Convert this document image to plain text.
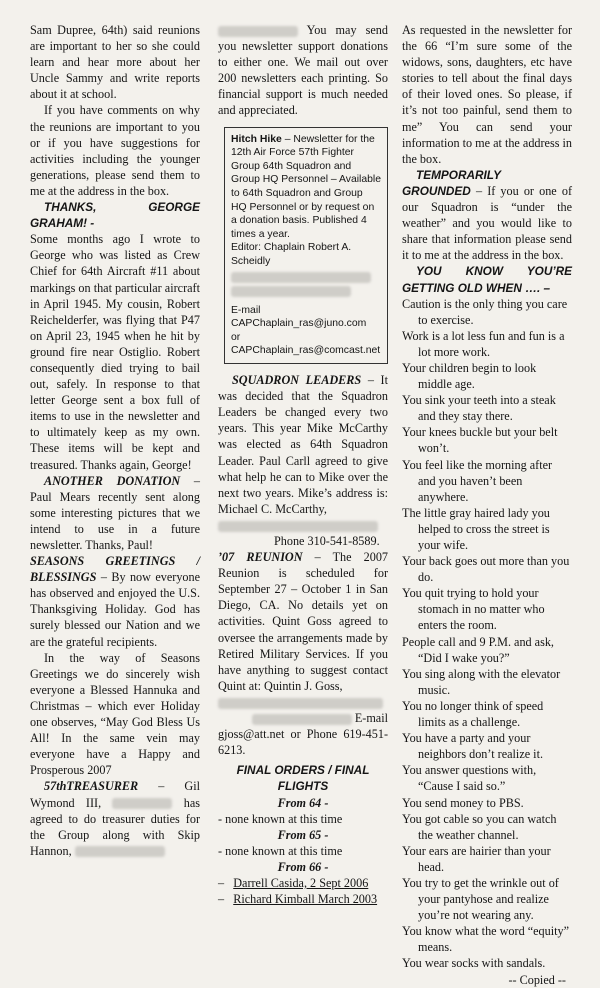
Sam Dupree, 64th) said reunions are important to her so she could learn and hear more about her Uncle Sammy and write reports about it at school.

If you have comments on why the reunions are important to you or if you have suggestions for activities including the younger generations, please send them to me at the address in the box.

THANKS, GEORGE GRAHAM! -

Some months ago I wrote to George who was listed as Crew Chief for 64th Aircraft #11 about markings on that particular aircraft in April 1945. My cousin, Robert Reichelderfer, was flying that P47 on April 23, 1945 when he hit by ground fire near Ostiglio. Robert consequently died trying to bail out, safely. In response to that letter George sent a box full of items to use in the newsletter and to ultimately keep as my own. These items will be kept and treasured. Thanks again, George!

ANOTHER DONATION – Paul Mears recently sent along some interesting pictures that we intend to use in a future newsletter. Thanks, Paul!

SEASONS GREETINGS / BLESSINGS – By now everyone has observed and enjoyed the U.S. Thanksgiving Holiday. God has surely blessed our Nation and we are the grateful recipients.

In the way of Seasons Greetings we do sincerely wish everyone a Blessed Hannuka and Christmas – which ever Holiday one observes, “May God Bless Us All! In the same vein may everyone have a Happy and Prosperous 2007

57thTREASURER – Gil Wymond III,	has agreed to do treasurer duties for the Group along with Skip Hannon,

You may send you newsletter support donations to either one. We mail out over 200 newsletters each printing. So financial support is much needed and appreciated.

Hitch Hike – Newsletter for the 12th Air Force 57th Fighter Group 64th Squadron and Group HQ Personnel – Available to 64th Squadron and Group HQ Personnel or by request on a donation basis. Published 4 times a year.
Editor: Chaplain Robert A. Scheidly

E-mail CAPChaplain_ras@juno.com
or CAPChaplain_ras@comcast.net

SQUADRON LEADERS – It was decided that the Squadron Leaders be changed every two years. This year Mike McCarthy was elected as 64th Squadron Leader. Paul Carll agreed to give what help he can to Mike over the next two years. Mike’s address is: Michael C. McCarthy,

Phone 310-541-8589.

’07 REUNION – The 2007 Reunion is scheduled for September 27 – October 1 in San Diego, CA. No details yet on activities. Quint Goss agreed to oversee the arrangements made by Retired Military Services. If you have anything to suggest contact Quint at: Quintin J. Goss,

E-mail

gjoss@att.net or Phone 619-451-6213.

FINAL ORDERS / FINAL FLIGHTS
From 64 -
- none known at this time
From 65 -
- none known at this time
From 66 -
–   Darrell Casida, 2 Sept 2006
–   Richard Kimball March 2003

As requested in the newsletter for the 66 “I’m sure some of the widows, sons, daughters, etc have stories to tell about the final days of their loved ones. So please, if it’s not too painful, send them to me” You can send your information to me at the address in the box.

TEMPORARILY GROUNDED – If you or one of our Squadron is “under the weather” and you would like to share that information please send it to me at the address in the box.

YOU KNOW YOU’RE GETTING OLD WHEN …. –

Caution is the only thing you care to exercise.

Work is a lot less fun and fun is a lot more work.

Your children begin to look middle age.

You sink your teeth into a steak and they stay there.

Your knees buckle but your belt won’t.

You feel like the morning after and you haven’t been anywhere.

The little gray haired lady you helped to cross the street is your wife.

Your back goes out more than you do.

You quit trying to hold your stomach in no matter who enters the room.

People call and 9 P.M. and ask, “Did I wake you?”

You sing along with the elevator music.

You no longer think of speed limits as a challenge.

You have a party and your neighbors don’t realize it.

You answer questions with, “Cause I said so.”

You send money to PBS.

You got cable so you can watch the weather channel.

Your ears are hairier than your head.

You try to get the wrinkle out of your pantyhose and realize you’re not wearing any.

You know what the word “equity” means.

You wear socks with sandals.

-- Copied --
